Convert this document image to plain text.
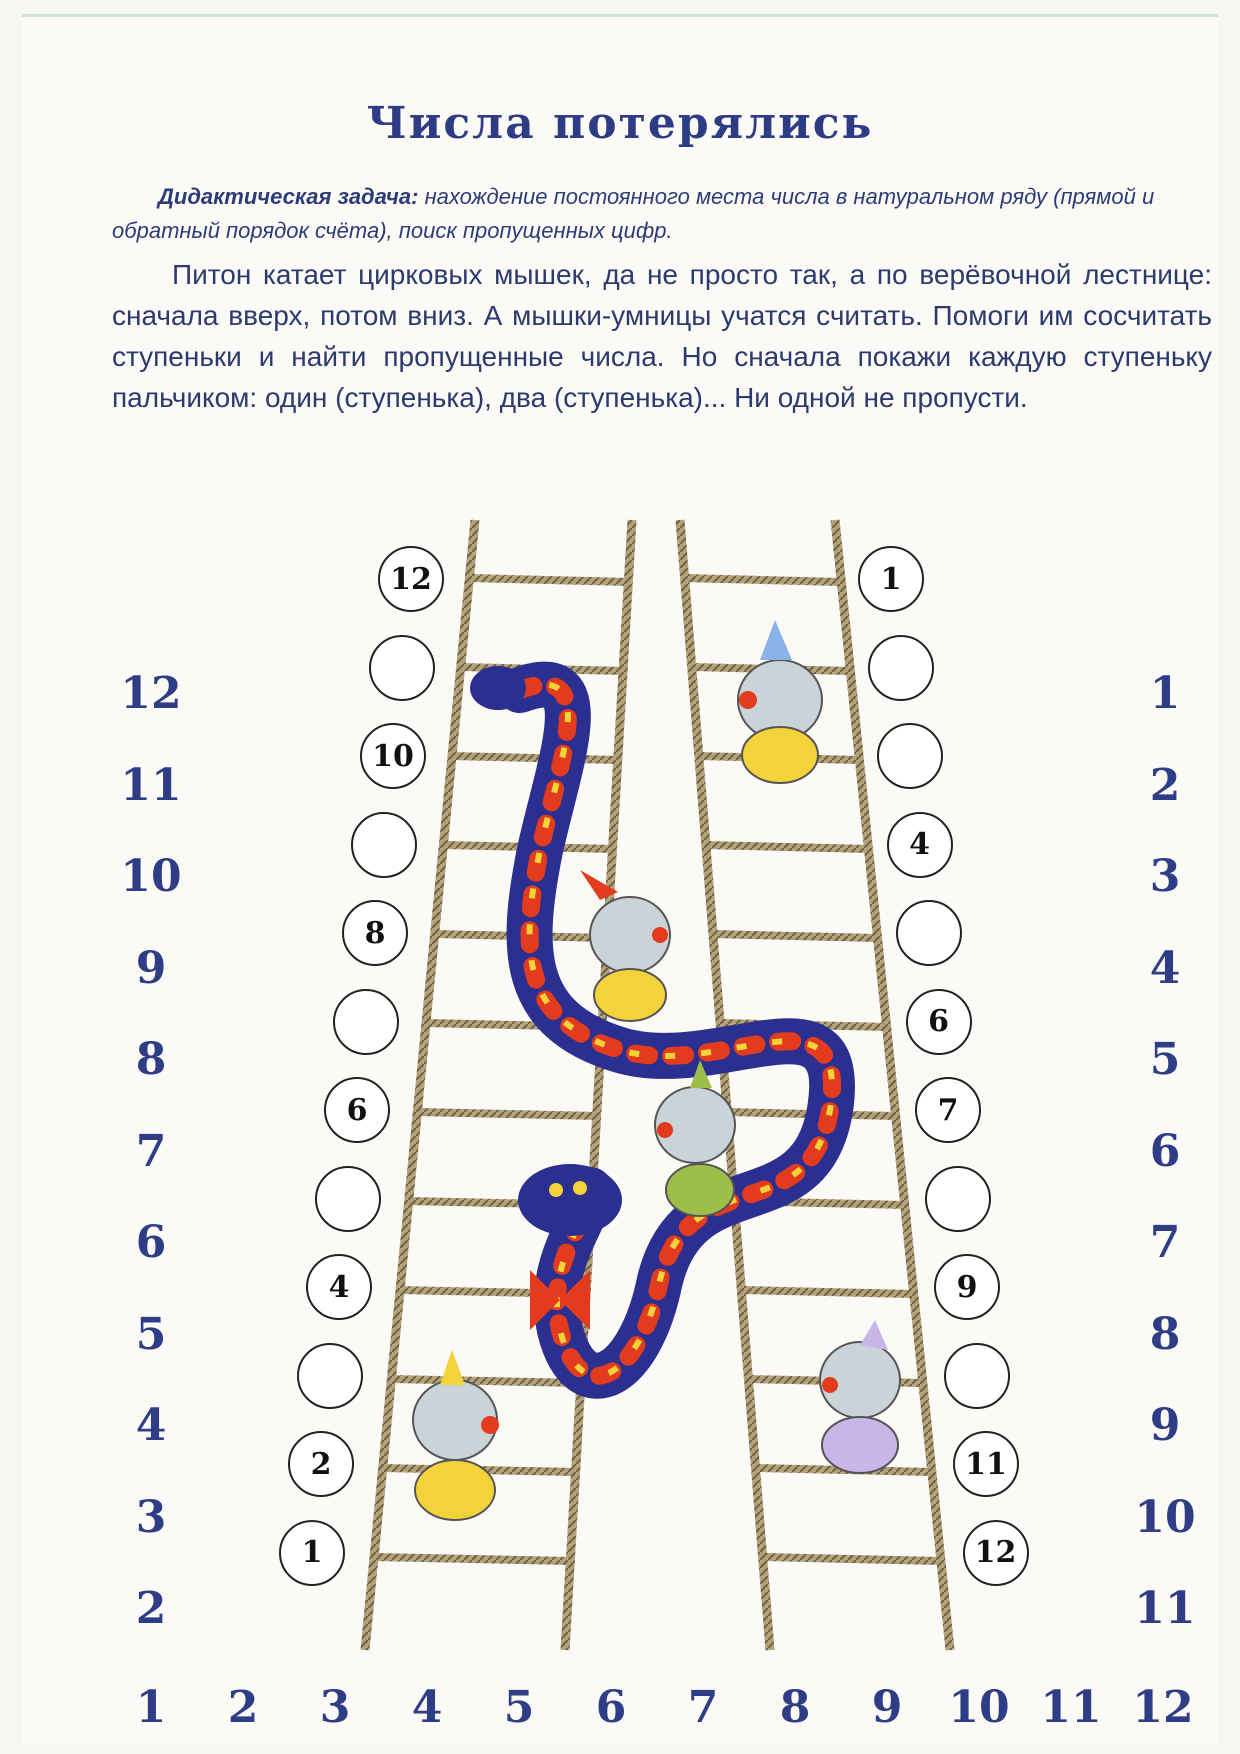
Числа потерялись
Дидактическая задача: нахождение постоянного места числа в натуральном ряду (прямой и обратный порядок счёта), поиск пропущенных цифр.
Питон катает цирковых мышек, да не просто так, а по верёвочной лестнице: сначала вверх, потом вниз. А мышки-умницы учатся считать. Помоги им сосчитать ступеньки и найти пропущенные числа. Но сначала покажи каждую ступеньку пальчиком: один (ступенька), два (ступенька)... Ни одной не пропусти.
12
11
10
9
8
7
6
5
4
3
2
1
2
3
4
5
6
7
8
9
10
11
1	2	3	4	5	6	7	8	9	10 11 12
12
10
8
6
4
2
1
1
4
6
7
9
11
12
